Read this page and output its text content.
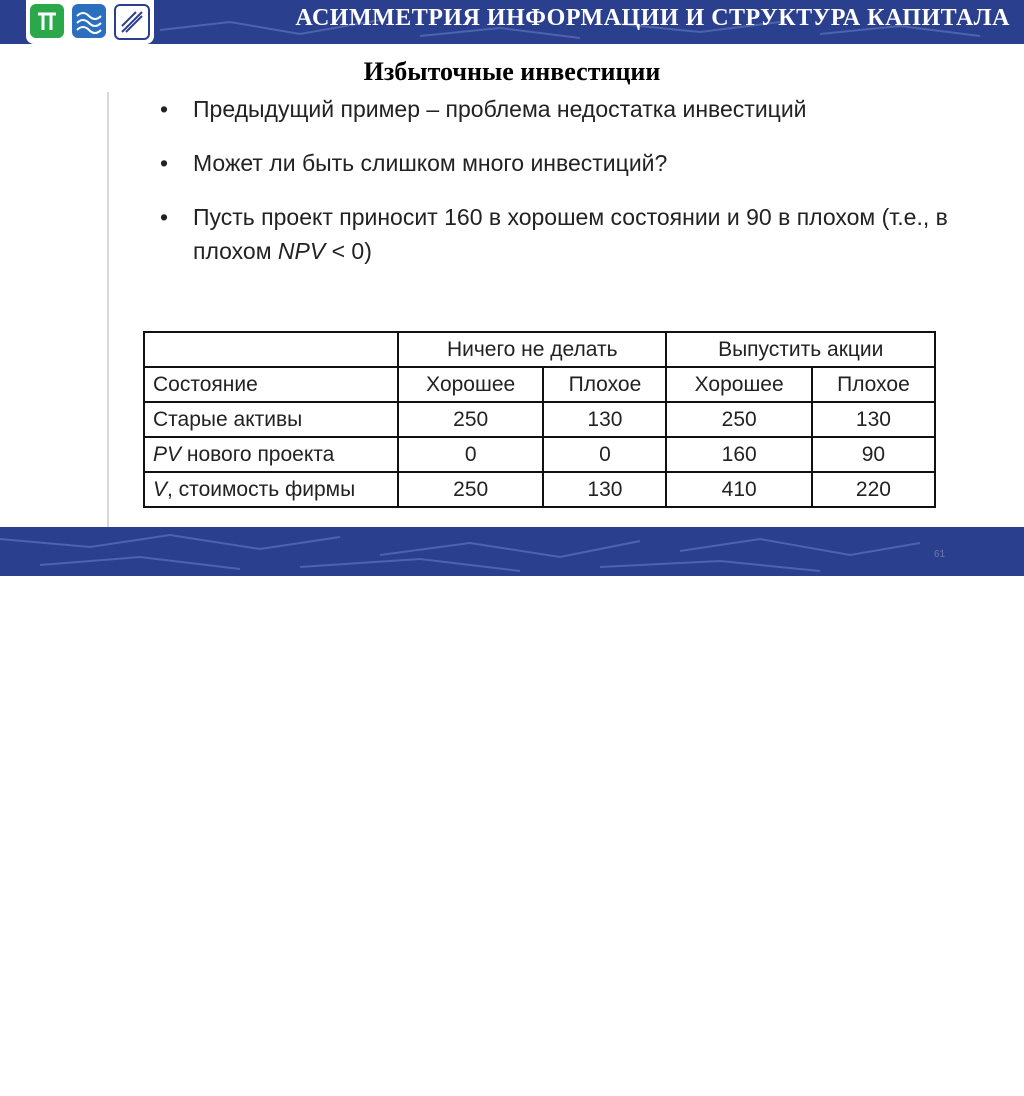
АСИММЕТРИЯ ИНФОРМАЦИИ И СТРУКТУРА КАПИТАЛА
Избыточные инвестиции
• Предыдущий пример – проблема недостатка инвестиций
• Может ли быть слишком много инвестиций?
• Пусть проект приносит 160 в хорошем состоянии и 90 в плохом (т.е., в плохом NPV < 0)
	Ничего не делать		Выпустить акции	
Состояние	Хорошее	Плохое	Хорошее	Плохое
Старые активы	250	130	250	130
PV нового проекта	0	0	160	90
V, стоимость фирмы	250	130	410	220
33
61
